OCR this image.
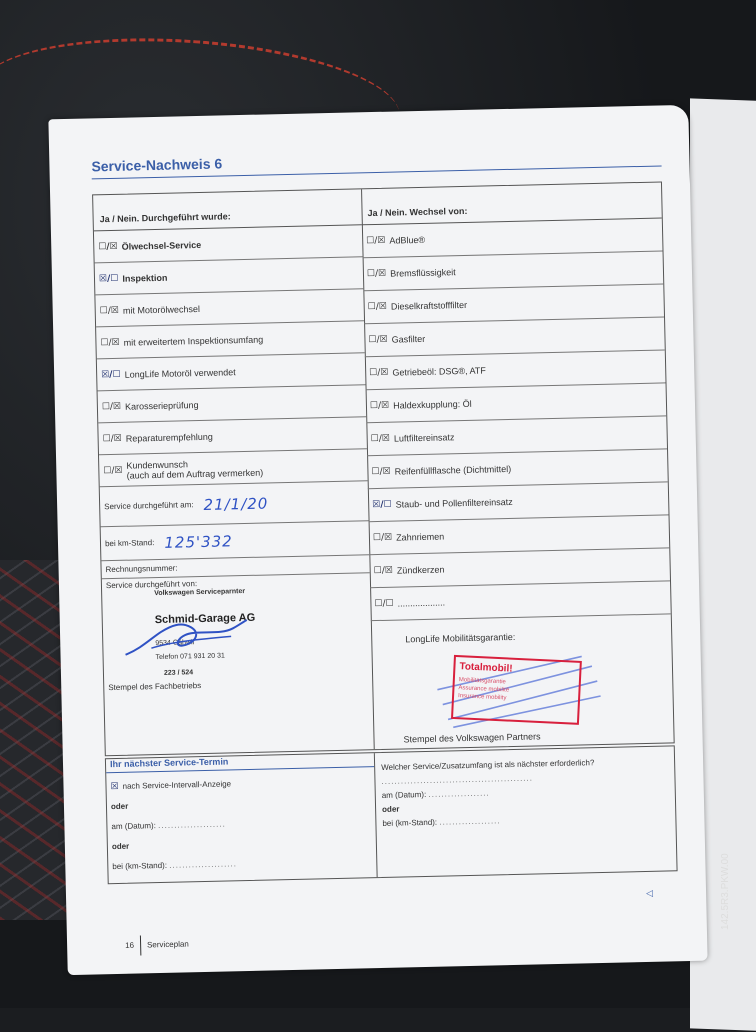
Service-Nachweis 6
Ja / Nein. Durchgeführt wurde:
☐/☒ Ölwechsel-Service
☒/☐ Inspektion
☐/☒ mit Motorölwechsel
☐/☒ mit erweitertem Inspektionsumfang
☒/☐ LongLife Motoröl verwendet
☐/☒ Karosserieprüfung
☐/☒ Reparaturempfehlung
☐/☒
Kundenwunsch
(auch auf dem Auftrag vermerken)
Service durchgeführt am: 21/1/20
bei km-Stand: 125'332
Rechnungsnummer:
Service durchgeführt von:
Volkswagen Serviceparnter
Schmid-Garage AG
9534 Gähwil
Telefon 071 931 20 31
223 / 524
Stempel des Fachbetriebs
Ja / Nein. Wechsel von:
☐/☒ AdBlue®
☐/☒ Bremsflüssigkeit
☐/☒ Dieselkraftstofffilter
☐/☒ Gasfilter
☐/☒ Getriebeöl: DSG®, ATF
☐/☒ Haldexkupplung: Öl
☐/☒ Luftfiltereinsatz
☐/☒ Reifenfüllflasche (Dichtmittel)
☒/☐ Staub- und Pollenfiltereinsatz
☐/☒ Zahnriemen
☐/☒ Zündkerzen
☐/☐ ...................
LongLife Mobilitätsgarantie:
Totalmobil!
Mobilitätsgarantie
Assurance mobilité
Insurance mobility
Stempel des Volkswagen Partners
Ihr nächster Service-Termin
☒ nach Service-Intervall-Anzeige
oder
am (Datum): .....................
oder
bei (km-Stand): .....................
Welcher Service/Zusatzumfang ist als nächster erforderlich?
...............................................
am (Datum): ...................
oder
bei (km-Stand): ...................
◁
16 Serviceplan
142.5R3.PKW.00
